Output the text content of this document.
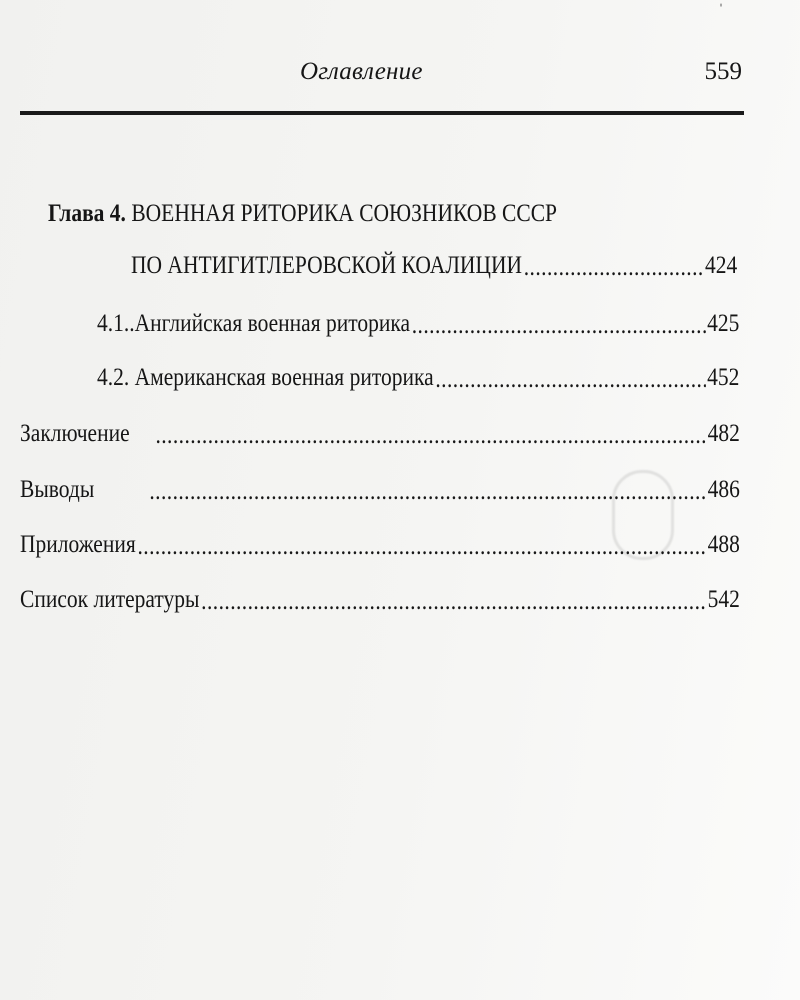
ˈ
Оглавление	559
Глава 4. ВОЕННАЯ РИТОРИКА СОЮЗНИКОВ СССР
ПО АНТИГИТЛЕРОВСКОЙ КОАЛИЦИИ .....	424
4.1..Английская военная риторика .....	425
4.2. Американская военная риторика .....	452
Заключение .....	482
Выводы .....	486
Приложения .....	488
Список литературы .....	542
